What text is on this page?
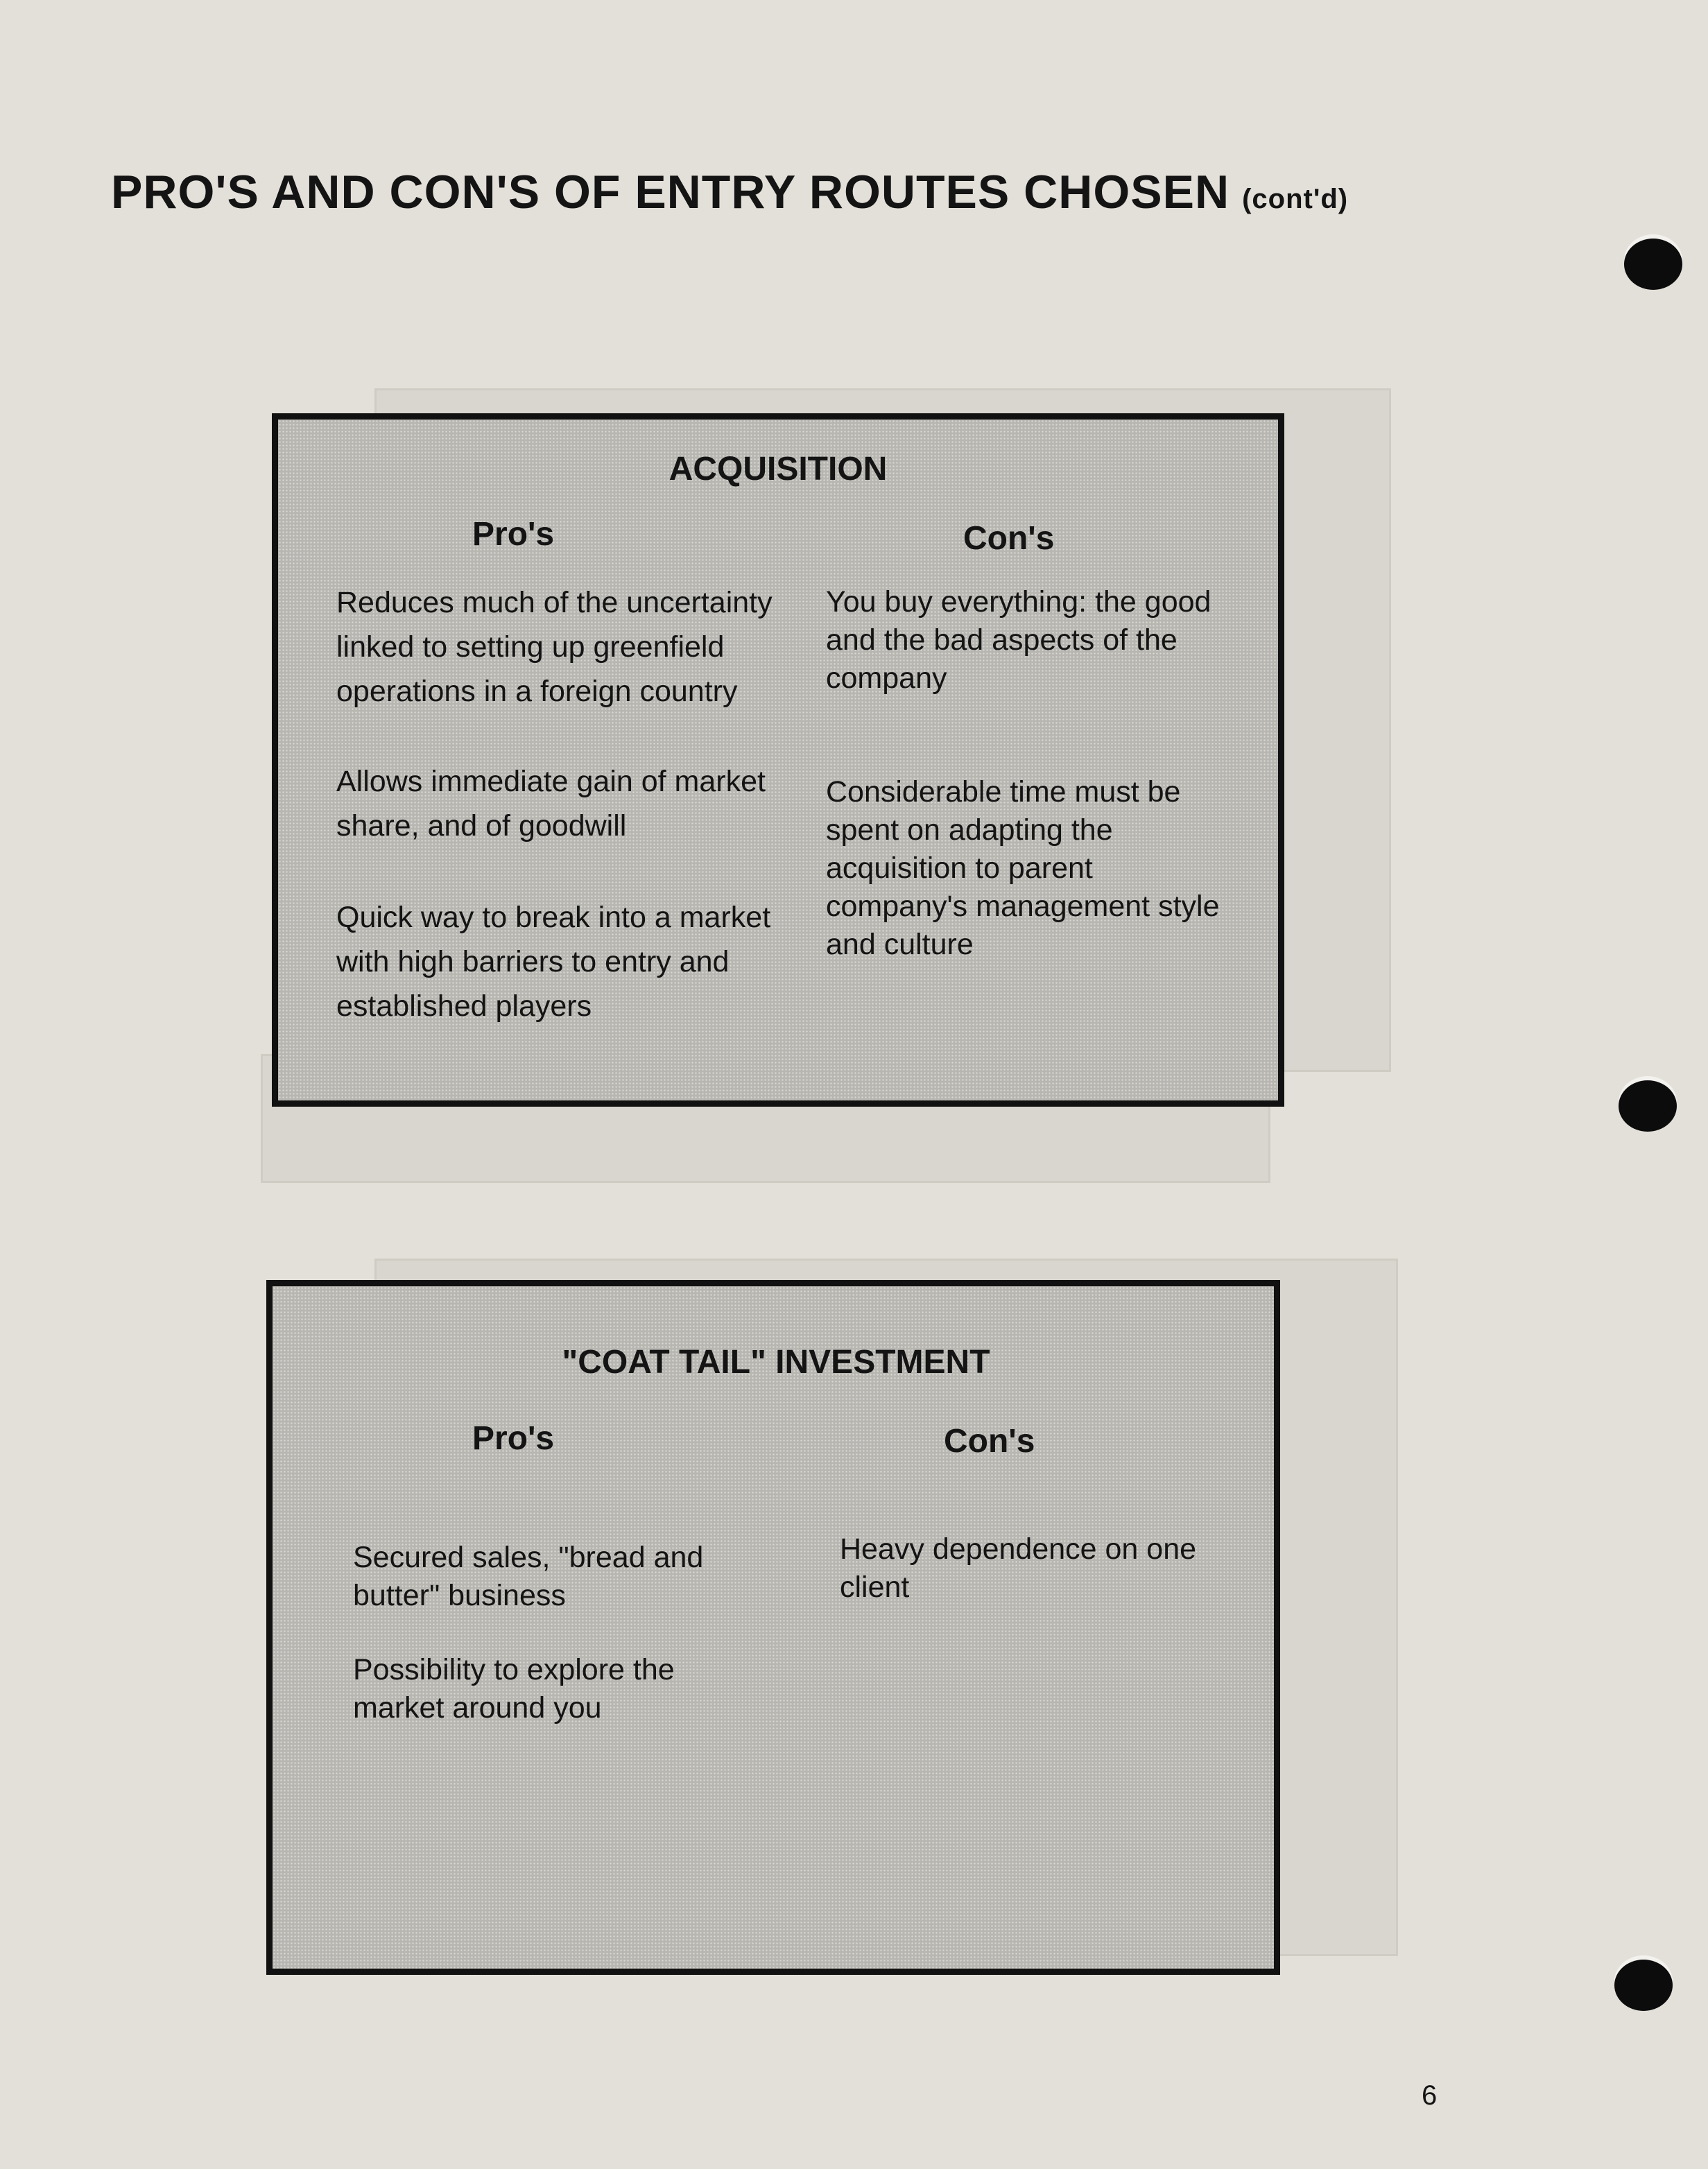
PRO'S AND CON'S OF ENTRY ROUTES CHOSEN (cont'd)
ACQUISITION
Pro's	Con's
Reduces much of the uncertainty linked to setting up greenfield operations in a foreign country
Allows immediate gain of market share, and of goodwill
Quick way to break into a market with high barriers to entry and established players
You buy everything: the good and the bad aspects of the company
Considerable time must be spent on adapting the acquisition to parent company's management style and culture
"COAT TAIL" INVESTMENT
Pro's	Con's
Secured sales, "bread and butter" business
Possibility to explore the market around you
Heavy dependence on one client
6
